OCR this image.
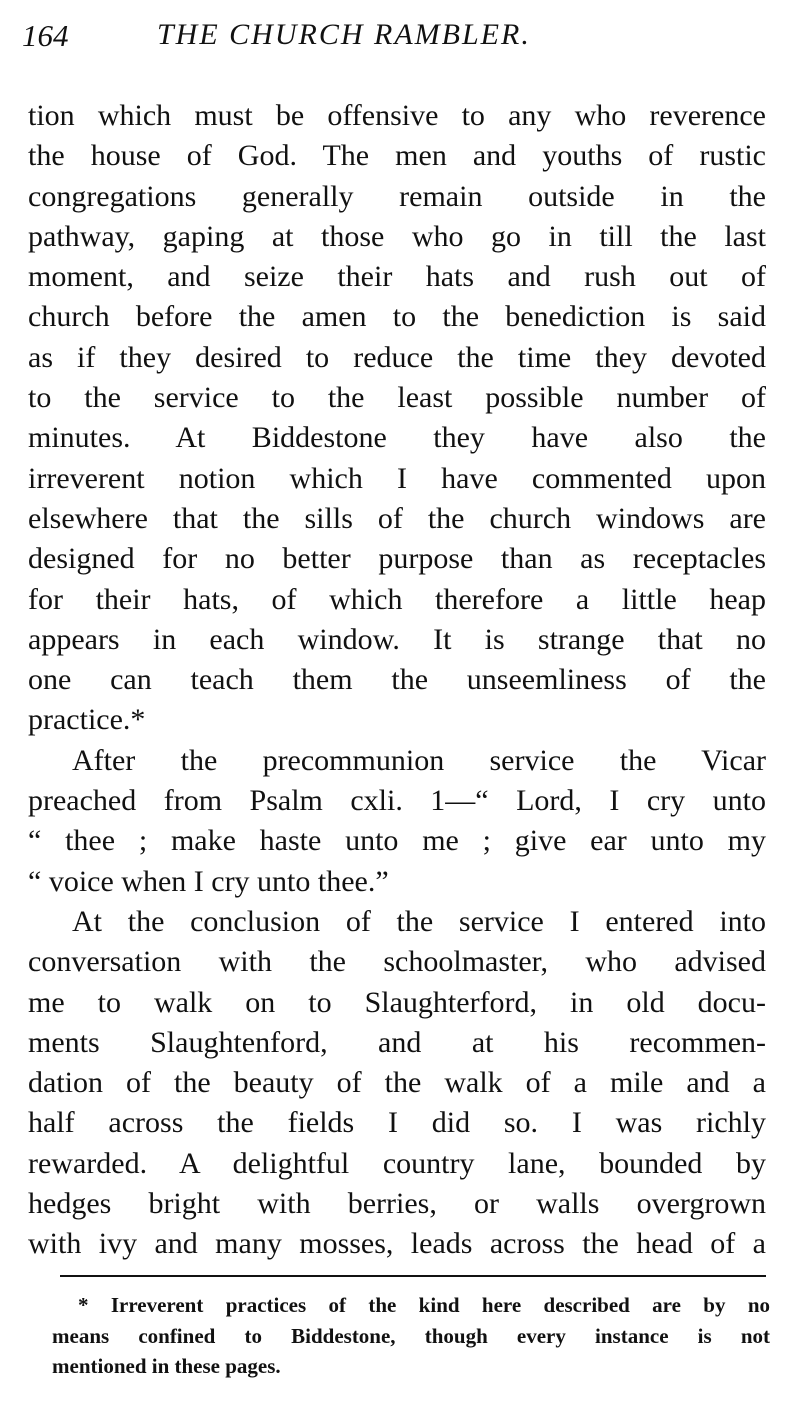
164	THE CHURCH RAMBLER.
tion which must be offensive to any who reverence
the house of God. The men and youths of rustic
congregations generally remain outside in the
pathway, gaping at those who go in till the last
moment, and seize their hats and rush out of
church before the amen to the benediction is said
as if they desired to reduce the time they devoted
to the service to the least possible number of
minutes. At Biddestone they have also the
irreverent notion which I have commented upon
elsewhere that the sills of the church windows are
designed for no better purpose than as receptacles
for their hats, of which therefore a little heap
appears in each window. It is strange that no
one can teach them the unseemliness of the
practice.*
After the precommunion service the Vicar
preached from Psalm cxli. 1—“ Lord, I cry unto
“ thee ; make haste unto me ; give ear unto my
“ voice when I cry unto thee.”
At the conclusion of the service I entered into
conversation with the schoolmaster, who advised
me to walk on to Slaughterford, in old docu-
ments Slaughtenford, and at his recommen-
dation of the beauty of the walk of a mile and a
half across the fields I did so. I was richly
rewarded. A delightful country lane, bounded by
hedges bright with berries, or walls overgrown
with ivy and many mosses, leads across the head of a
* Irreverent practices of the kind here described are by no
means confined to Biddestone, though every instance is not
mentioned in these pages.
